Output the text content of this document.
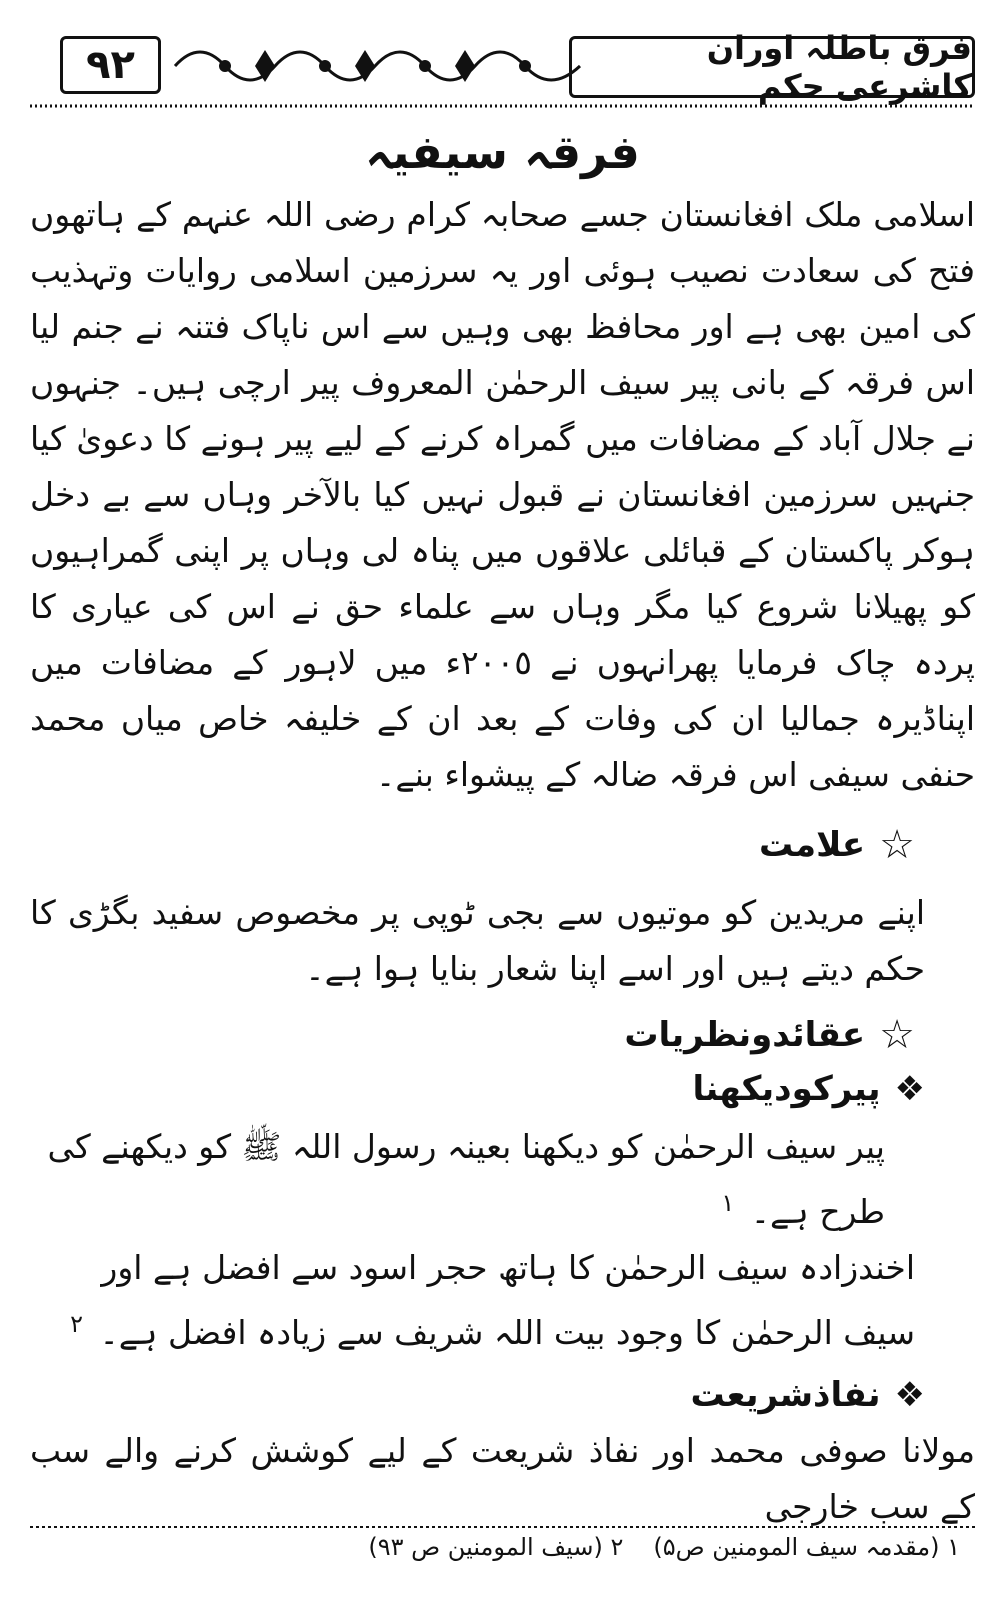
٩٢	فرق باطلہ اوران کاشرعی حکم
فرقہ سیفیہ

اسلامی ملک افغانستان جسے صحابہ کرام رضی اللہ عنہم کے ہاتھوں فتح کی سعادت نصیب ہوئی اور یہ سرزمین اسلامی روایات وتہذیب کی امین بھی ہے اور محافظ بھی وہیں سے اس ناپاک فتنہ نے جنم لیا اس فرقہ کے بانی پیر سیف الرحمٰن المعروف پیر ارچی ہیں۔ جنہوں نے جلال آباد کے مضافات میں گمراہ کرنے کے لیے پیر ہونے کا دعویٰ کیا جنہیں سرزمین افغانستان نے قبول نہیں کیا بالآخر وہاں سے بے دخل ہوکر پاکستان کے قبائلی علاقوں میں پناہ لی وہاں پر اپنی گمراہیوں کو پھیلانا شروع کیا مگر وہاں سے علماء حق نے اس کی عیاری کا پردہ چاک فرمایا پھرانہوں نے ٢٠٠٥ء میں لاہور کے مضافات میں اپناڈیرہ جمالیا ان کی وفات کے بعد ان کے خلیفہ خاص میاں محمد حنفی سیفی اس فرقہ ضالہ کے پیشواء بنے۔

☆
علامت

اپنے مریدین کو موتیوں سے بجی ٹوپی پر مخصوص سفید بگڑی کا حکم دیتے ہیں اور اسے اپنا شعار بنایا ہوا ہے۔

☆
عقائدونظریات
❖
پیرکودیکھنا

پیر سیف الرحمٰن کو دیکھنا بعینہ رسول اللہ ﷺ کو دیکھنے کی طرح ہے۔ $^١$

اخندزادہ سیف الرحمٰن کا ہاتھ حجر اسود سے افضل ہے اور سیف الرحمٰن کا وجود بیت اللہ شریف سے زیادہ افضل ہے۔ $^٢$

❖
نفاذشریعت

مولانا صوفی محمد اور نفاذ شریعت کے لیے کوشش کرنے والے سب کے سب خارجی

١ (مقدمہ سیف المومنین ص۵)
٢ (سیف المومنین ص ٩٣)
